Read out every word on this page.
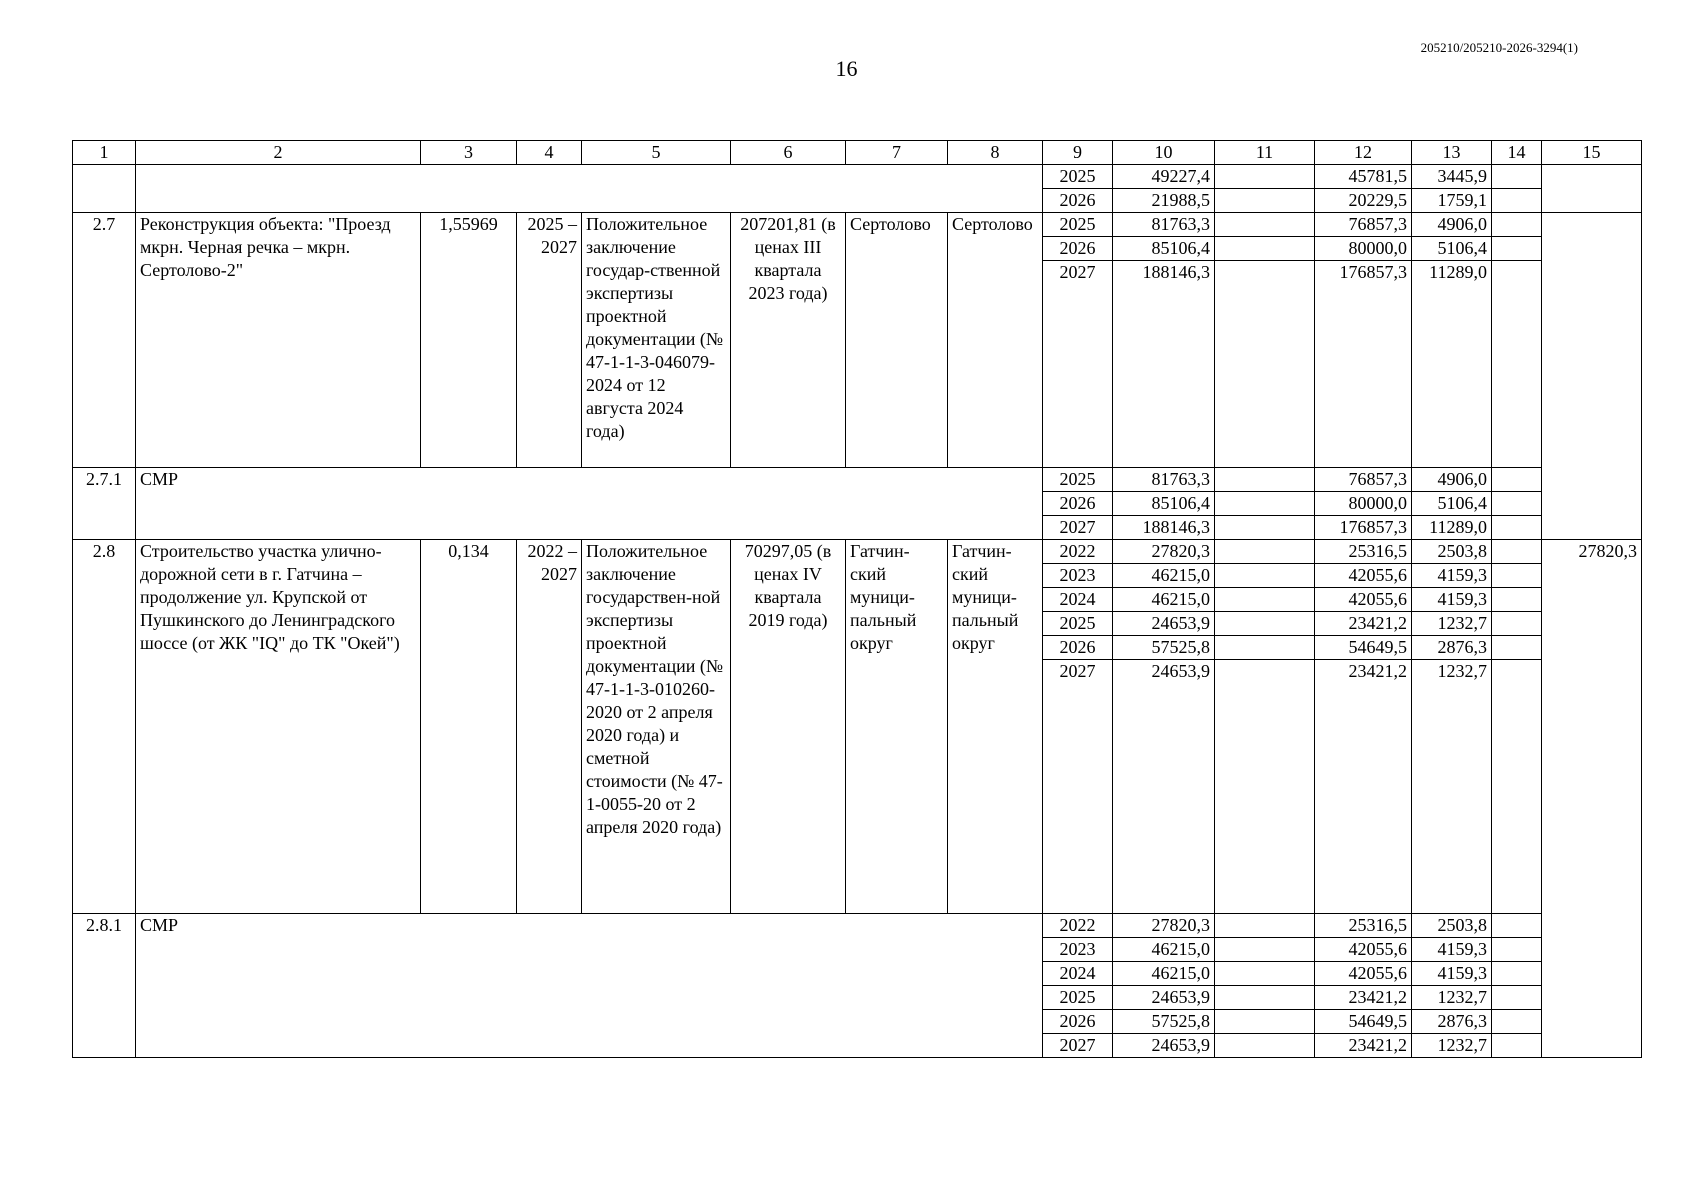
205210/205210-2026-3294(1)
16
1	2	3	4	5	6	7	8	9	10	11	12	13	14	15
								2025	49227,4		45781,5	3445,9		
								2026	21988,5		20229,5	1759,1		
2.7	Реконструкция объекта: "Проезд мкрн. Черная речка – мкрн. Сертолово-2"	1,55969	2025 – 2027	Положительное заключение государ-ственной экспертизы проектной документации (№ 47-1-1-3-046079-2024 от 12 августа 2024 года)	207201,81 (в ценах III квартала 2023 года)	Сертолово	Сертолово	2025	81763,3		76857,3	4906,0		
								2026	85106,4		80000,0	5106,4		
								2027	188146,3		176857,3	11289,0		
2.7.1	СМР							2025	81763,3		76857,3	4906,0		
								2026	85106,4		80000,0	5106,4		
								2027	188146,3		176857,3	11289,0		
2.8	Строительство участка улично-дорожной сети в г. Гатчина – продолжение ул. Крупской от Пушкинского до Ленинградского шоссе (от ЖК "IQ" до ТК "Окей")	0,134	2022 – 2027	Положительное заключение государствен-ной экспертизы проектной документации (№ 47-1-1-3-010260-2020 от 2 апреля 2020 года) и сметной стоимости (№ 47-1-0055-20 от 2 апреля 2020 года)	70297,05 (в ценах IV квартала 2019 года)	Гатчин-ский муници-пальный округ	Гатчин-ский муници-пальный округ	2022	27820,3		25316,5	2503,8		27820,3
								2023	46215,0		42055,6	4159,3		
								2024	46215,0		42055,6	4159,3		
								2025	24653,9		23421,2	1232,7		
								2026	57525,8		54649,5	2876,3		
								2027	24653,9		23421,2	1232,7		
2.8.1	СМР							2022	27820,3		25316,5	2503,8		
								2023	46215,0		42055,6	4159,3		
								2024	46215,0		42055,6	4159,3		
								2025	24653,9		23421,2	1232,7		
								2026	57525,8		54649,5	2876,3		
								2027	24653,9		23421,2	1232,7		
